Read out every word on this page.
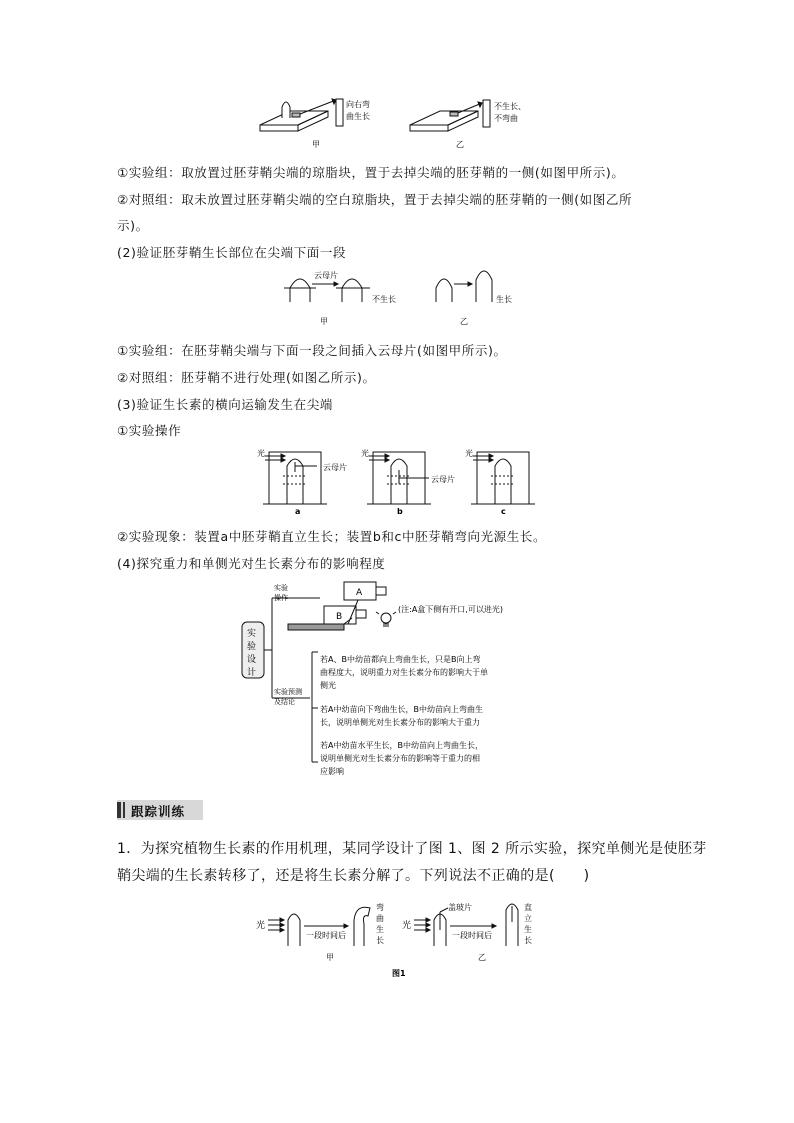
向右弯
曲生长
甲
不生长、
不弯曲
乙
①实验组：取放置过胚芽鞘尖端的琼脂块，置于去掉尖端的胚芽鞘的一侧(如图甲所示)。
②对照组：取未放置过胚芽鞘尖端的空白琼脂块，置于去掉尖端的胚芽鞘的一侧(如图乙所
示)。
(2)验证胚芽鞘生长部位在尖端下面一段
云母片
不生长	生长
甲	乙
①实验组：在胚芽鞘尖端与下面一段之间插入云母片(如图甲所示)。
②对照组：胚芽鞘不进行处理(如图乙所示)。
(3)验证生长素的横向运输发生在尖端
①实验操作
光
云母片
光
云母片
光
a	b	c
②实验现象：装置a中胚芽鞘直立生长；装置b和c中胚芽鞘弯向光源生长。
(4)探究重力和单侧光对生长素分布的影响程度
实
验
设
计
实验
操作	A
B
(注:A盒下侧有开口,可以进光)
实验预测
及结论
若A、B中幼苗都向上弯曲生长，只是B向上弯
曲程度大，说明重力对生长素分布的影响大于单
侧光
若A中幼苗向下弯曲生长，B中幼苗向上弯曲生
长，说明单侧光对生长素分布的影响大于重力
若A中幼苗水平生长，B中幼苗向上弯曲生长，
说明单侧光对生长素分布的影响等于重力的相
应影响
跟踪训练
1．为探究植物生长素的作用机理，某同学设计了图 1、图 2 所示实验，探究单侧光是使胚芽
鞘尖端的生长素转移了，还是将生长素分解了。下列说法不正确的是(　　)
光
一段时间后
弯
曲
生
长
光
盖玻片
一段时间后
直
立
生
长
甲	乙
图1
